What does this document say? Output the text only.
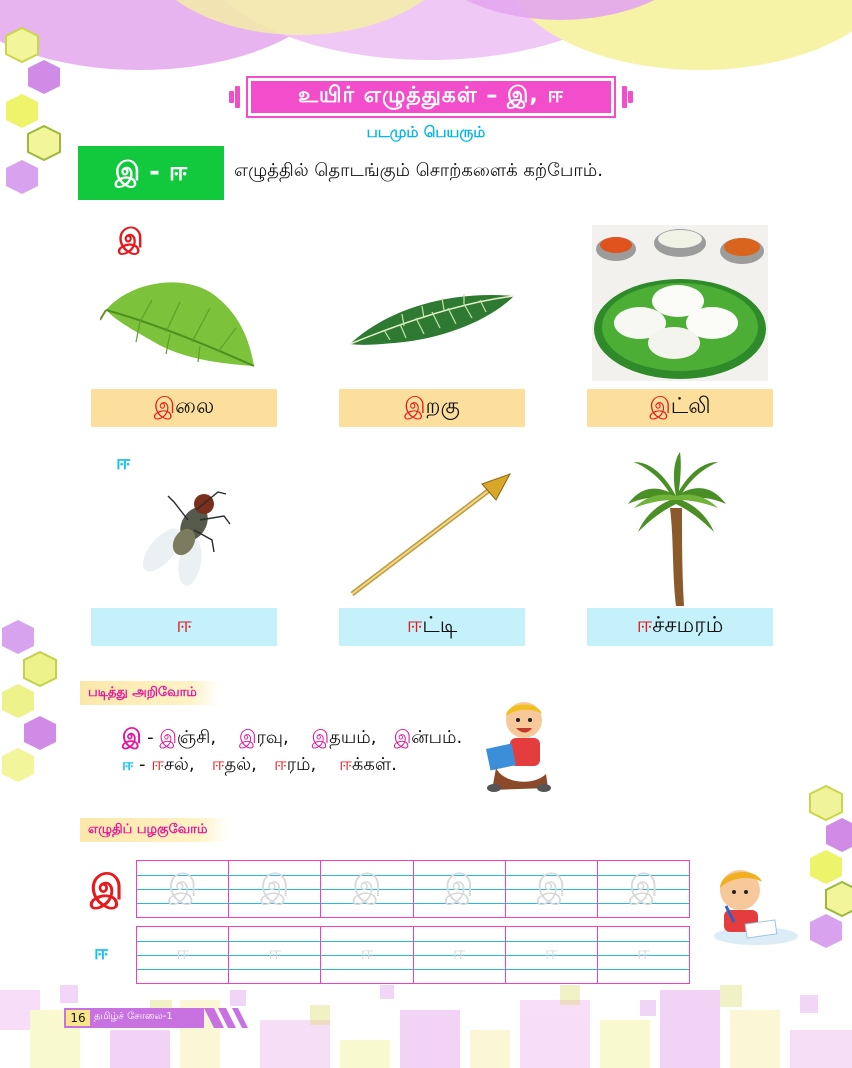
உயிர் எழுத்துகள் – இ, ஈ
படமும் பெயரும்
இ - ஈ	எழுத்தில் தொடங்கும் சொற்களைக் கற்போம்.
இ
ஈ
இ லை	இ றகு	இ ட்லி
ஈ	ஈ ட்டி	ஈ ச்சமரம்
படித்து அறிவோம்
இ - இஞ்சி, இரவு, இதயம், இன்பம்.
ஈ - ஈசல், ஈதல், ஈரம், ஈக்கள்.
எழுதிப் பழகுவோம்
இ
ஈ
இ	இ	இ	இ	இ	இ
ஈ	ஈ	ஈ	ஈ	ஈ	ஈ
16 தமிழ்ச் சோலை-1
